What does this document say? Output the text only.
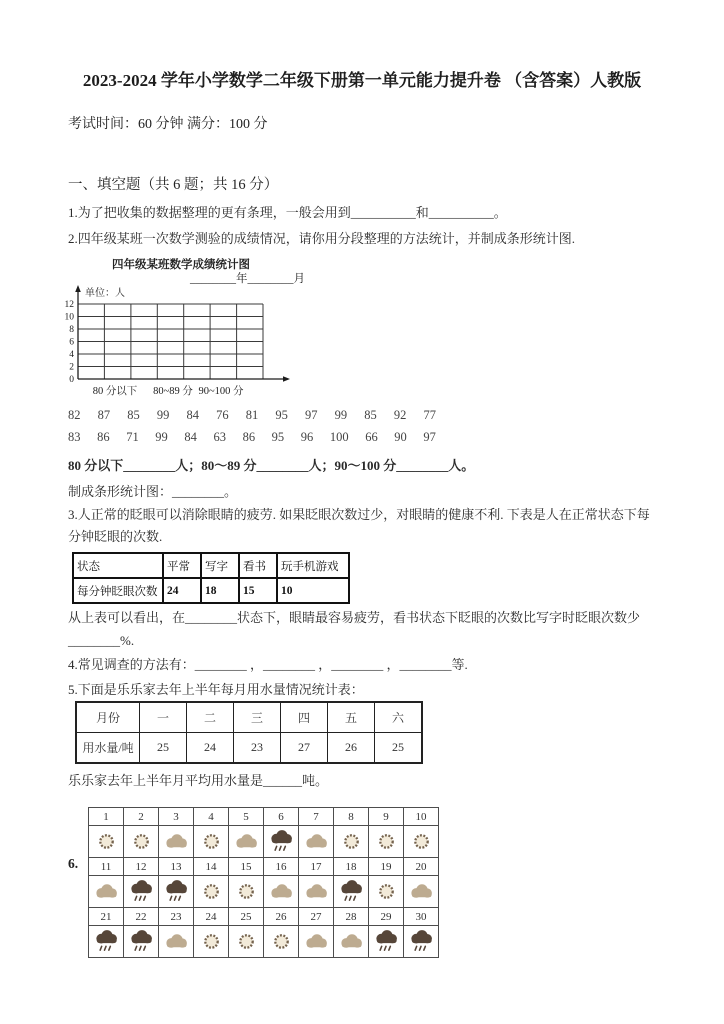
2023-2024 学年小学数学二年级下册第一单元能力提升卷 （含答案）人教版
考试时间：60 分钟 满分：100 分
一、填空题（共 6 题；共 16 分）
1.为了把收集的数据整理的更有条理，一般会用到__________和__________。
2.四年级某班一次数学测验的成绩情况，请你用分段整理的方法统计，并制成条形统计图.
四年级某班数学成绩统计图
________年________月
单位：人
12
10
8
6
4
2
0
80 分以下 80~89 分 90~100 分
82 87 85 99 84 76 81 95 97 99 85 92 77
83 86 71 99 84 63 86 95 96 100 66 90 97
80 分以下________人；80～89 分________人；90～100 分________人。
制成条形统计图：________。
3.人正常的眨眼可以消除眼睛的疲劳. 如果眨眼次数过少，对眼睛的健康不利. 下表是人在正常状态下每分钟眨眼的次数.
状态	平常	写字	看书	玩手机游戏
每分钟眨眼次数	24	18	15	10
从上表可以看出，在________状态下，眼睛最容易疲劳，看书状态下眨眼的次数比写字时眨眼次数少
________%.
4.常见调查的方法有：________ ，________ ，________ ，________等.
5.下面是乐乐家去年上半年每月用水量情况统计表：
月份	一	二	三	四	五	六
用水量/吨	25	24	23	27	26	25
乐乐家去年上半年月平均用水量是______吨。
6.
1	2	3	4	5	6	7	8	9	10

11	12	13	14	15	16	17	18	19	20

21	22	23	24	25	26	27	28	29	30
